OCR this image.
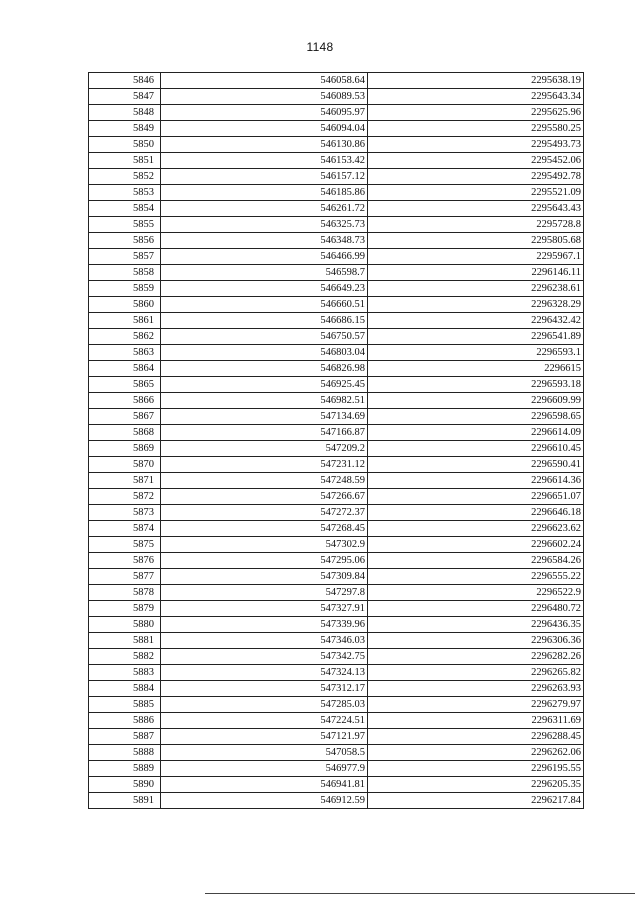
1148
5846	546058.64	2295638.19
5847	546089.53	2295643.34
5848	546095.97	2295625.96
5849	546094.04	2295580.25
5850	546130.86	2295493.73
5851	546153.42	2295452.06
5852	546157.12	2295492.78
5853	546185.86	2295521.09
5854	546261.72	2295643.43
5855	546325.73	2295728.8
5856	546348.73	2295805.68
5857	546466.99	2295967.1
5858	546598.7	2296146.11
5859	546649.23	2296238.61
5860	546660.51	2296328.29
5861	546686.15	2296432.42
5862	546750.57	2296541.89
5863	546803.04	2296593.1
5864	546826.98	2296615
5865	546925.45	2296593.18
5866	546982.51	2296609.99
5867	547134.69	2296598.65
5868	547166.87	2296614.09
5869	547209.2	2296610.45
5870	547231.12	2296590.41
5871	547248.59	2296614.36
5872	547266.67	2296651.07
5873	547272.37	2296646.18
5874	547268.45	2296623.62
5875	547302.9	2296602.24
5876	547295.06	2296584.26
5877	547309.84	2296555.22
5878	547297.8	2296522.9
5879	547327.91	2296480.72
5880	547339.96	2296436.35
5881	547346.03	2296306.36
5882	547342.75	2296282.26
5883	547324.13	2296265.82
5884	547312.17	2296263.93
5885	547285.03	2296279.97
5886	547224.51	2296311.69
5887	547121.97	2296288.45
5888	547058.5	2296262.06
5889	546977.9	2296195.55
5890	546941.81	2296205.35
5891	546912.59	2296217.84
